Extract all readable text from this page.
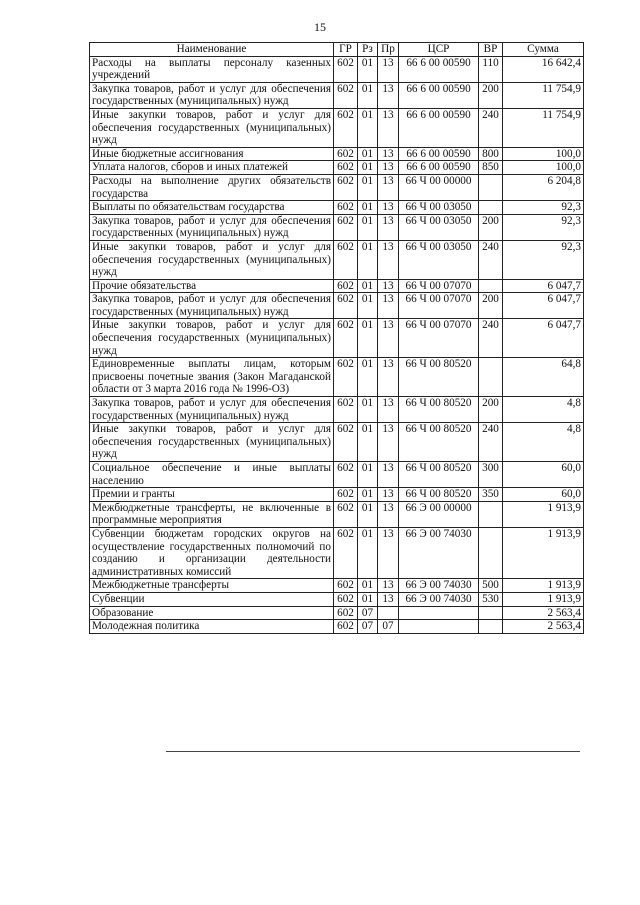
15
Наименование	ГР	Рз	Пр	ЦСР	ВР	Сумма
Расходы на выплаты персоналу казенных учреждений	602	01	13	66 6 00 00590	110	16 642,4
Закупка товаров, работ и услуг для обеспечения государственных (муниципальных) нужд	602	01	13	66 6 00 00590	200	11 754,9
Иные закупки товаров, работ и услуг для обеспечения государственных (муниципальных) нужд	602	01	13	66 6 00 00590	240	11 754,9
Иные бюджетные ассигнования	602	01	13	66 6 00 00590	800	100,0
Уплата налогов, сборов и иных платежей	602	01	13	66 6 00 00590	850	100,0
Расходы на выполнение других обязательств государства	602	01	13	66 Ч 00 00000		6 204,8
Выплаты по обязательствам государства	602	01	13	66 Ч 00 03050		92,3
Закупка товаров, работ и услуг для обеспечения государственных (муниципальных) нужд	602	01	13	66 Ч 00 03050	200	92,3
Иные закупки товаров, работ и услуг для обеспечения государственных (муниципальных) нужд	602	01	13	66 Ч 00 03050	240	92,3
Прочие обязательства	602	01	13	66 Ч 00 07070		6 047,7
Закупка товаров, работ и услуг для обеспечения государственных (муниципальных) нужд	602	01	13	66 Ч 00 07070	200	6 047,7
Иные закупки товаров, работ и услуг для обеспечения государственных (муниципальных) нужд	602	01	13	66 Ч 00 07070	240	6 047,7
Единовременные выплаты лицам, которым присвоены почетные звания (Закон Магаданской области от 3 марта 2016 года № 1996-ОЗ)	602	01	13	66 Ч 00 80520		64,8
Закупка товаров, работ и услуг для обеспечения государственных (муниципальных) нужд	602	01	13	66 Ч 00 80520	200	4,8
Иные закупки товаров, работ и услуг для обеспечения государственных (муниципальных) нужд	602	01	13	66 Ч 00 80520	240	4,8
Социальное обеспечение и иные выплаты населению	602	01	13	66 Ч 00 80520	300	60,0
Премии и гранты	602	01	13	66 Ч 00 80520	350	60,0
Межбюджетные трансферты, не включенные в программные мероприятия	602	01	13	66 Э 00 00000		1 913,9
Субвенции бюджетам городских округов на осуществление государственных полномочий по созданию и организации деятельности административных комиссий	602	01	13	66 Э 00 74030		1 913,9
Межбюджетные трансферты	602	01	13	66 Э 00 74030	500	1 913,9
Субвенции	602	01	13	66 Э 00 74030	530	1 913,9
Образование	602	07				2 563,4
Молодежная политика	602	07	07			2 563,4
